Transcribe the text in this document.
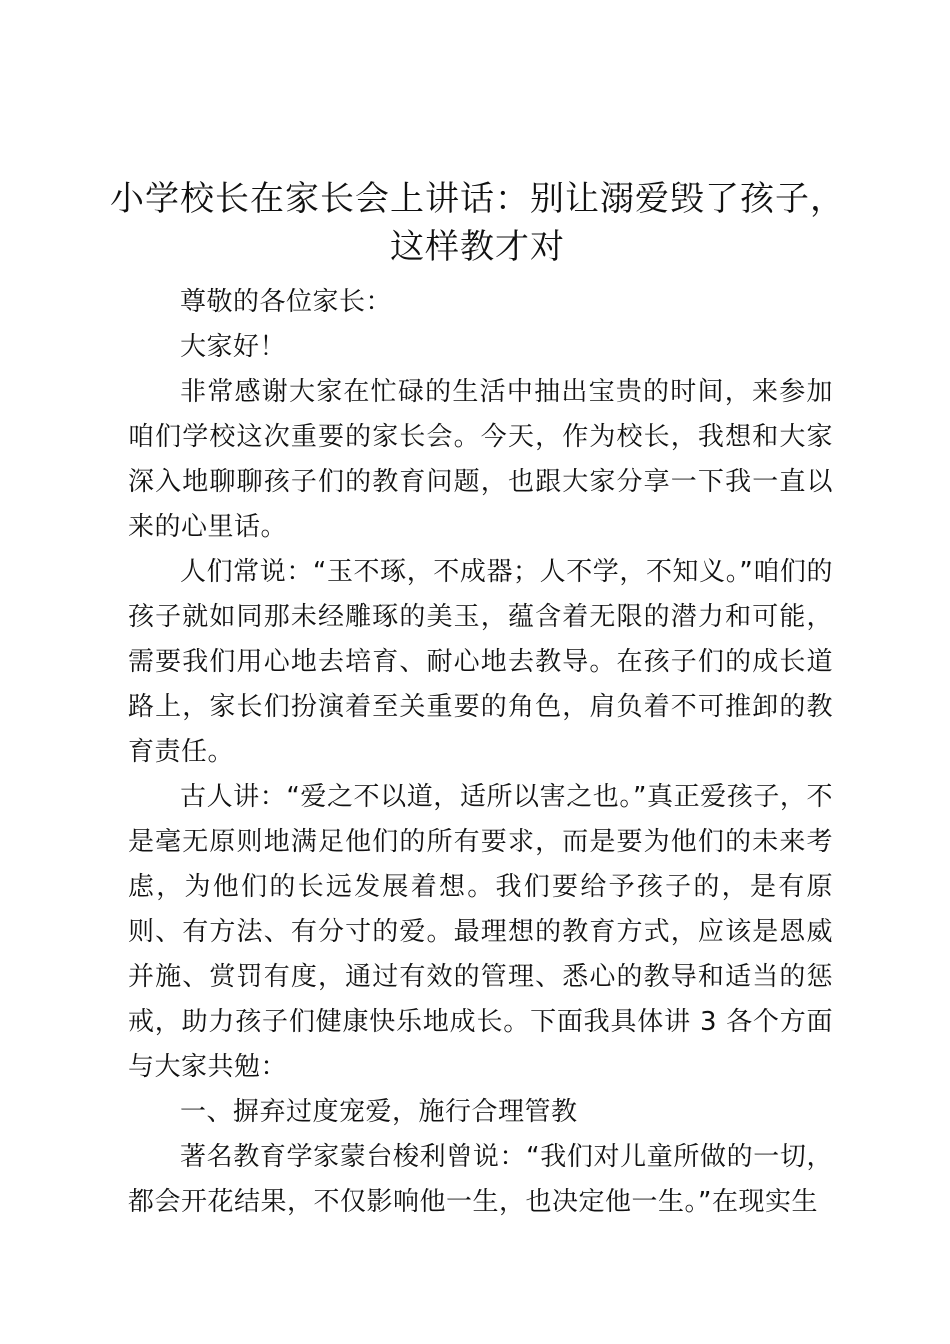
小学校长在家长会上讲话：别让溺爱毁了孩子，这样教才对

尊敬的各位家长：

大家好！

非常感谢大家在忙碌的生活中抽出宝贵的时间，来参加咱们学校这次重要的家长会。今天，作为校长，我想和大家深入地聊聊孩子们的教育问题，也跟大家分享一下我一直以来的心里话。

人们常说：“玉不琢，不成器；人不学，不知义。”咱们的孩子就如同那未经雕琢的美玉，蕴含着无限的潜力和可能，需要我们用心地去培育、耐心地去教导。在孩子们的成长道路上，家长们扮演着至关重要的角色，肩负着不可推卸的教育责任。

古人讲：“爱之不以道，适所以害之也。”真正爱孩子，不是毫无原则地满足他们的所有要求，而是要为他们的未来考虑，为他们的长远发展着想。我们要给予孩子的，是有原则、有方法、有分寸的爱。最理想的教育方式，应该是恩威并施、赏罚有度，通过有效的管理、悉心的教导和适当的惩戒，助力孩子们健康快乐地成长。下面我具体讲 3 各个方面与大家共勉：

一、摒弃过度宠爱，施行合理管教

著名教育学家蒙台梭利曾说：“我们对儿童所做的一切，都会开花结果，不仅影响他一生，也决定他一生。”在现实生
